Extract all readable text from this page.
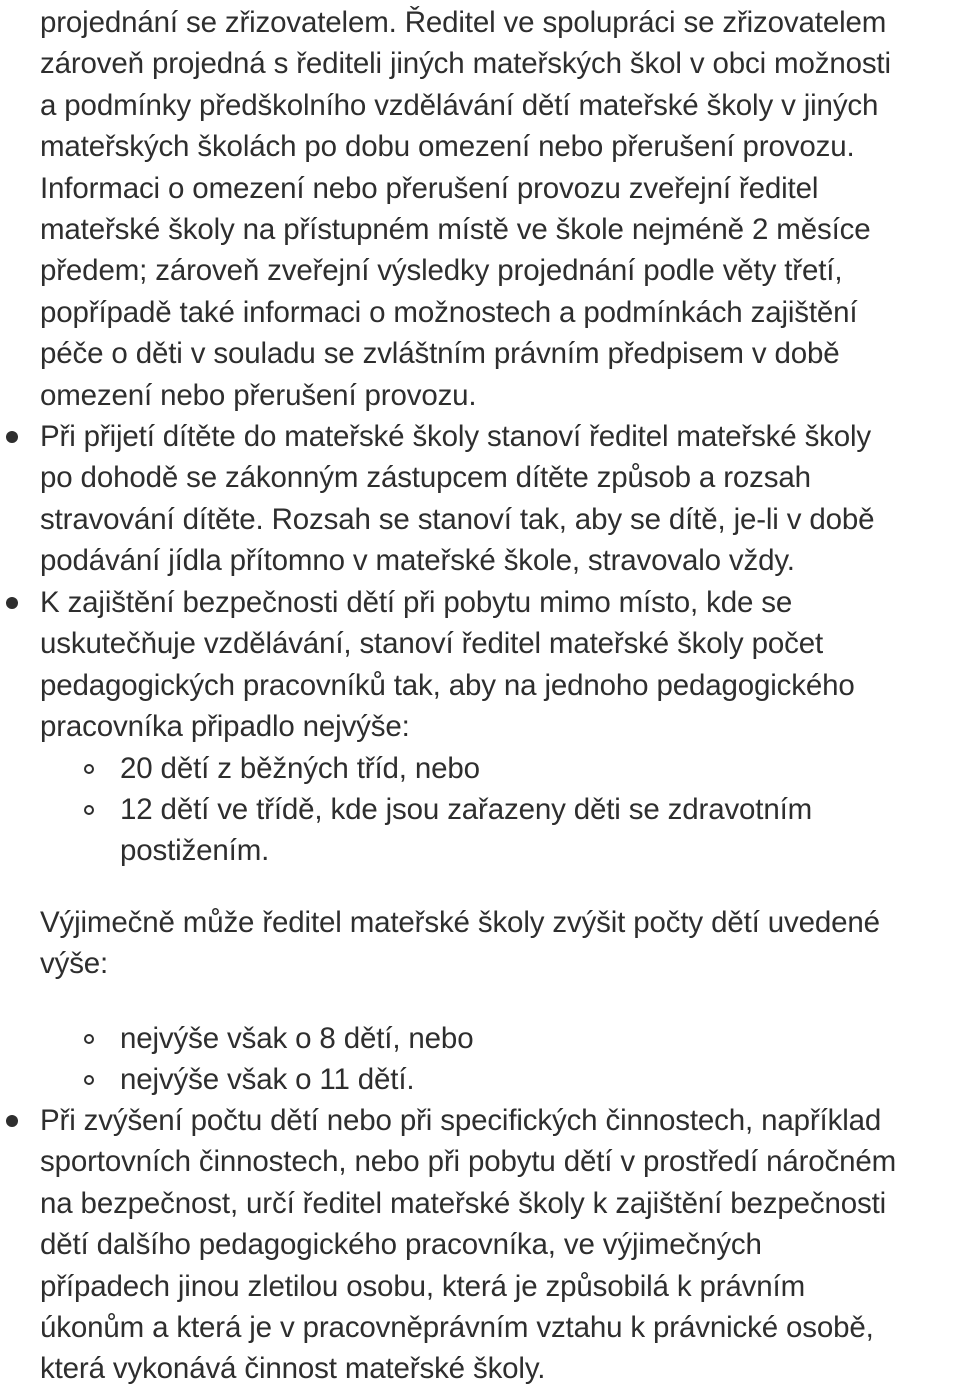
projednání se zřizovatelem. Ředitel ve spolupráci se zřizovatelem
zároveň projedná s řediteli jiných mateřských škol v obci možnosti
a podmínky předškolního vzdělávání dětí mateřské školy v jiných
mateřských školách po dobu omezení nebo přerušení provozu.
Informaci o omezení nebo přerušení provozu zveřejní ředitel
mateřské školy na přístupném místě ve škole nejméně 2 měsíce
předem; zároveň zveřejní výsledky projednání podle věty třetí,
popřípadě také informaci o možnostech a podmínkách zajištění
péče o děti v souladu se zvláštním právním předpisem v době
omezení nebo přerušení provozu.
Při přijetí dítěte do mateřské školy stanoví ředitel mateřské školy
po dohodě se zákonným zástupcem dítěte způsob a rozsah
stravování dítěte. Rozsah se stanoví tak, aby se dítě, je-li v době
podávání jídla přítomno v mateřské škole, stravovalo vždy.
K zajištění bezpečnosti dětí při pobytu mimo místo, kde se
uskutečňuje vzdělávání, stanoví ředitel mateřské školy počet
pedagogických pracovníků tak, aby na jednoho pedagogického
pracovníka připadlo nejvýše:
20 dětí z běžných tříd, nebo
12 dětí ve třídě, kde jsou zařazeny děti se zdravotním
postižením.
Výjimečně může ředitel mateřské školy zvýšit počty dětí uvedené
výše:
nejvýše však o 8 dětí, nebo
nejvýše však o 11 dětí.
Při zvýšení počtu dětí nebo při specifických činnostech, například
sportovních činnostech, nebo při pobytu dětí v prostředí náročném
na bezpečnost, určí ředitel mateřské školy k zajištění bezpečnosti
dětí dalšího pedagogického pracovníka, ve výjimečných
případech jinou zletilou osobu, která je způsobilá k právním
úkonům a která je v pracovněprávním vztahu k právnické osobě,
která vykonává činnost mateřské školy.
